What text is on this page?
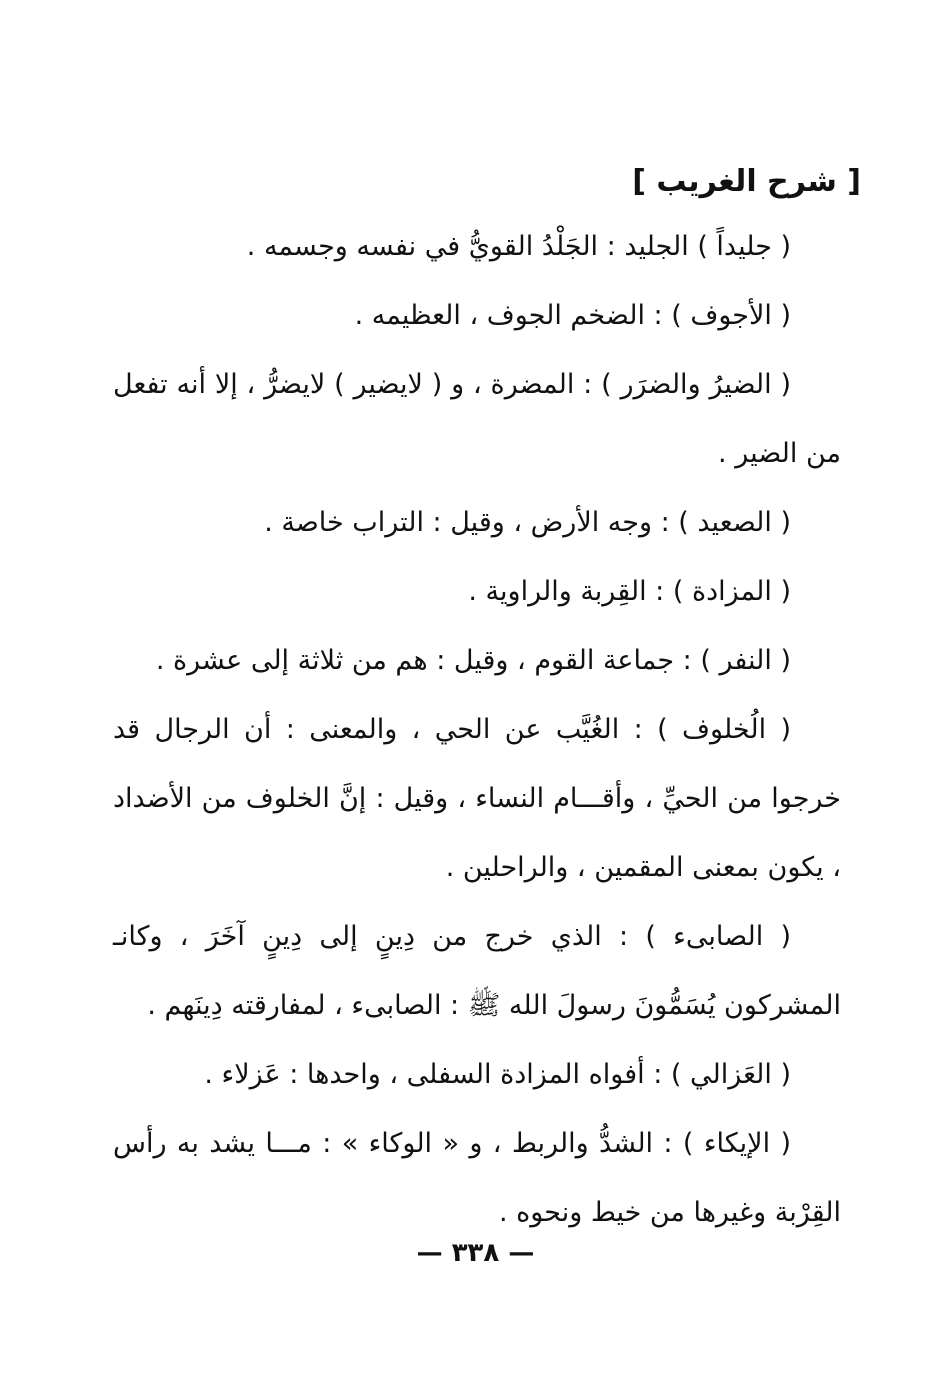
[ شرح الغريب ]

( جليداً ) الجليد : الجَلْدُ القويُّ في نفسه وجسمه .

( الأجوف ) : الضخم الجوف ، العظيمه .

( الضيرُ والضرَر ) : المضرة ، و ( لايضير ) لايضرُّ ، إلا أنه تفعل من الضير .

( الصعيد ) : وجه الأرض ، وقيل : التراب خاصة .

( المزادة ) : القِربة والراوية .

( النفر ) : جماعة القوم ، وقيل : هم من ثلاثة إلى عشرة .

( الُخلوف ) : الغُيَّب عن الحي ، والمعنى : أن الرجال قد خرجوا من الحيِّ ، وأقـــام النساء ، وقيل : إنَّ الخلوف من الأضداد ، يكون بمعنى المقمين ، والراحلين .

( الصابىء ) : الذي خرج من دِينٍ إلى دِينٍ آخَرَ ، وكانـ المشركون يُسَمُّونَ رسولَ الله ﷺ : الصابىء ، لمفارقته دِينَهم .

( العَزالي ) : أفواه المزادة السفلى ، واحدها : عَزلاء .

( الإيكاء ) : الشدُّ والربط ، و « الوكاء » : مـــا يشد به رأس القِرْبة وغيرها من خيط ونحوه .

— ٣٣٨ —
